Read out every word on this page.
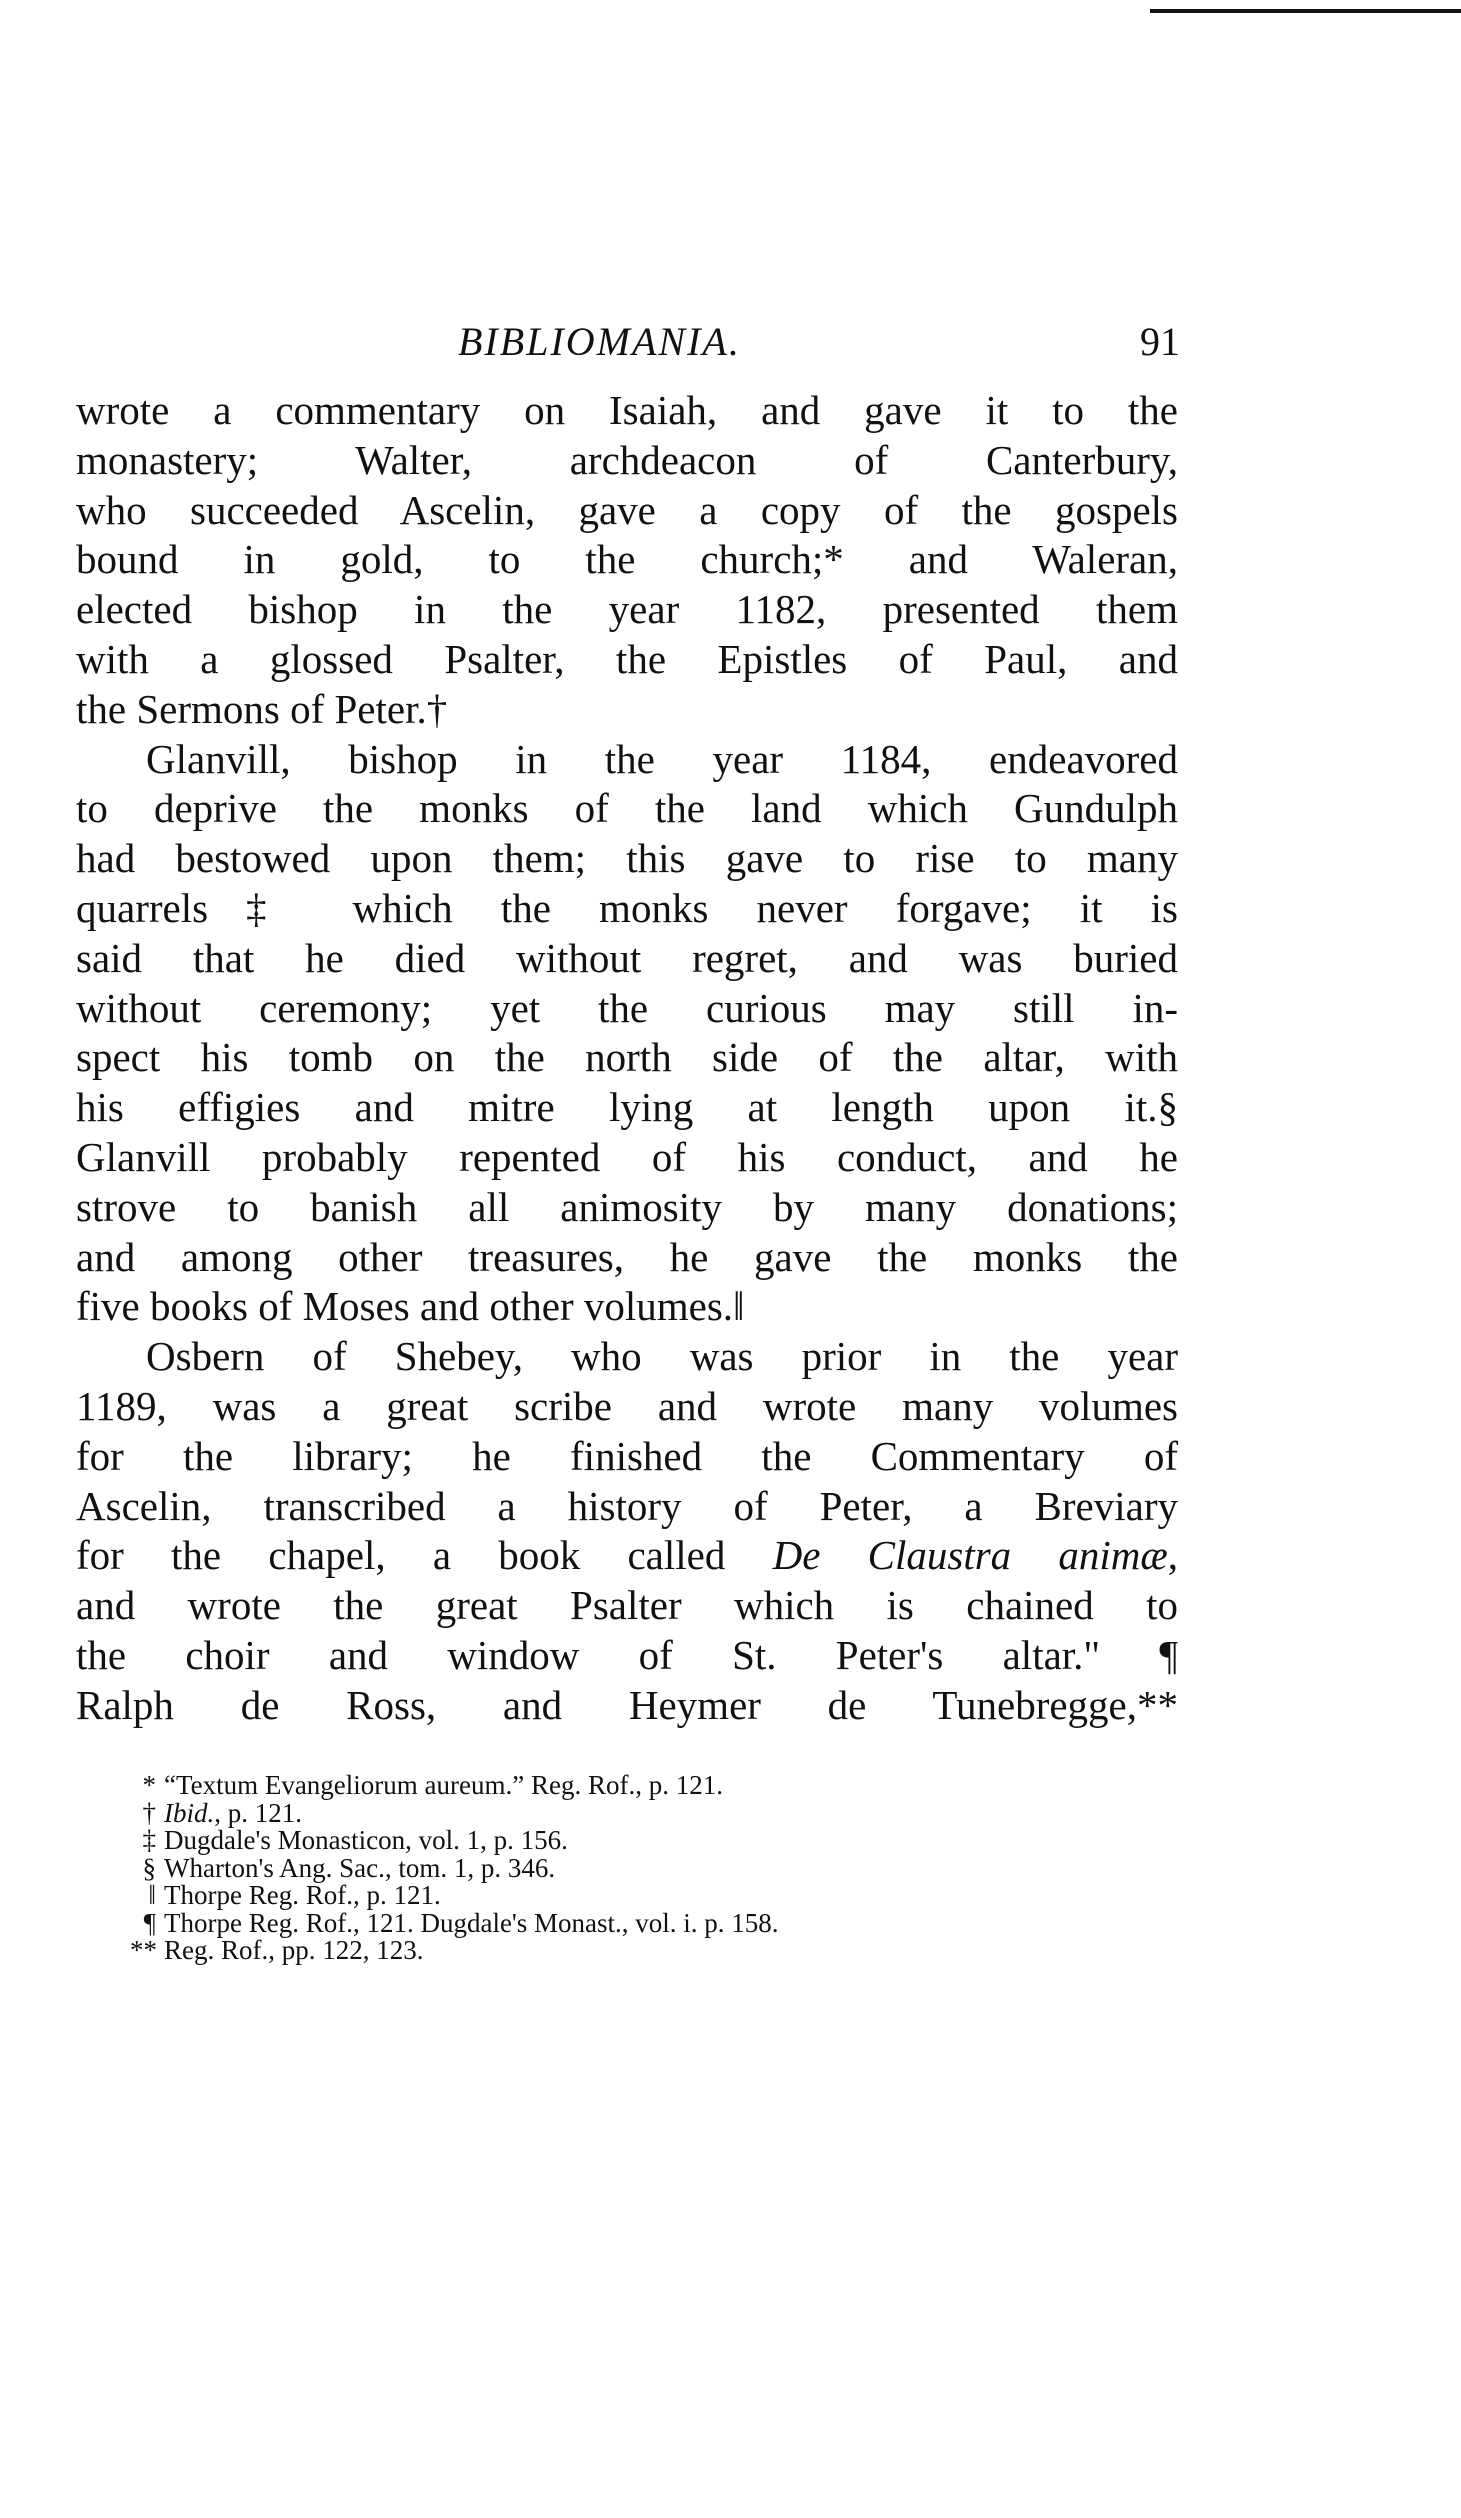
BIBLIOMANIA.	91
wrote a commentary on Isaiah, and gave it to the
monastery; Walter, archdeacon of Canterbury,
who succeeded Ascelin, gave a copy of the gospels
bound in gold, to the church;* and Waleran,
elected bishop in the year 1182, presented them
with a glossed Psalter, the Epistles of Paul, and
the Sermons of Peter.†
Glanvill, bishop in the year 1184, endeavored
to deprive the monks of the land which Gundulph
had bestowed upon them; this gave to rise to many
quarrels‡ which the monks never forgave; it is
said that he died without regret, and was buried
without ceremony; yet the curious may still in-
spect his tomb on the north side of the altar, with
his effigies and mitre lying at length upon it.§
Glanvill probably repented of his conduct, and he
strove to banish all animosity by many donations;
and among other treasures, he gave the monks the
five books of Moses and other volumes.‖
Osbern of Shebey, who was prior in the year
1189, was a great scribe and wrote many volumes
for the library; he finished the Commentary of
Ascelin, transcribed a history of Peter, a Breviary
for the chapel, a book called De Claustra animæ,
and wrote the great Psalter which is chained to
the choir and window of St. Peter's altar." ¶
Ralph de Ross, and Heymer de Tunebregge,**
* “Textum Evangeliorum aureum.” Reg. Rof., p. 121.
† Ibid., p. 121.
‡ Dugdale's Monasticon, vol. 1, p. 156.
§ Wharton's Ang. Sac., tom. 1, p. 346.
‖ Thorpe Reg. Rof., p. 121.
¶ Thorpe Reg. Rof., 121. Dugdale's Monast., vol. i. p. 158.
** Reg. Rof., pp. 122, 123.
